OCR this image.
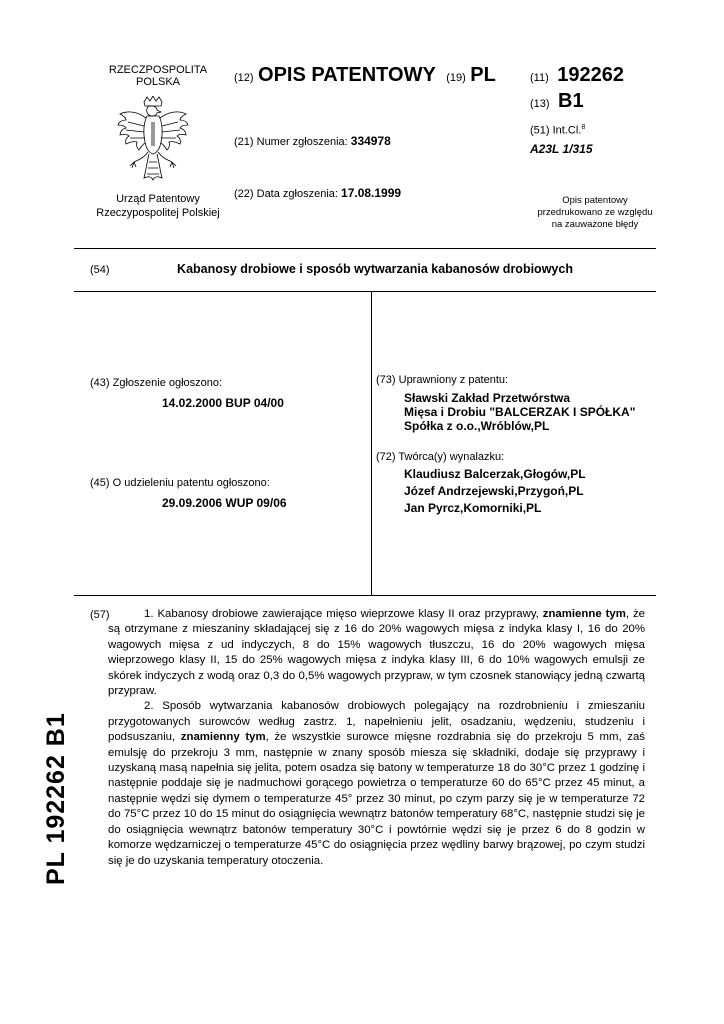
RZECZPOSPOLITA
POLSKA
Urząd Patentowy
Rzeczypospolitej Polskiej
(12) OPIS PATENTOWY (19) PL
(21) Numer zgłoszenia: 334978
(22) Data zgłoszenia: 17.08.1999
(11) 192262
(13) B1
(51) Int.Cl.$^8$
A23L 1/315
Opis patentowy
przedrukowano ze względu
na zauważone błędy
(54)	Kabanosy drobiowe i sposób wytwarzania kabanosów drobiowych
(43) Zgłoszenie ogłoszono:
14.02.2000 BUP 04/00
(45) O udzieleniu patentu ogłoszono:
29.09.2006 WUP 09/06
(73) Uprawniony z patentu:
Sławski Zakład Przetwórstwa
Mięsa i Drobiu "BALCERZAK I SPÓŁKA"
Spółka z o.o.,Wróblów,PL
(72) Twórca(y) wynalazku:
Klaudiusz Balcerzak,Głogów,PL
Józef Andrzejewski,Przygoń,PL
Jan Pyrcz,Komorniki,PL
(57)	1. Kabanosy drobiowe zawierające mięso wieprzowe klasy II oraz przyprawy, znamienne tym, że są otrzymane z mieszaniny składającej się z 16 do 20% wagowych mięsa z indyka klasy I, 16 do 20% wagowych mięsa z ud indyczych, 8 do 15% wagowych tłuszczu, 16 do 20% wagowych mięsa wieprzowego klasy II, 15 do 25% wagowych mięsa z indyka klasy III, 6 do 10% wagowych emulsji ze skórek indyczych z wodą oraz 0,3 do 0,5% wagowych przypraw, w tym czosnek stanowiący jedną czwartą przypraw.

2. Sposób wytwarzania kabanosów drobiowych polegający na rozdrobnieniu i zmieszaniu przygotowanych surowców według zastrz. 1, napełnieniu jelit, osadzaniu, wędzeniu, studzeniu i podsuszaniu, znamienny tym, że wszystkie surowce mięsne rozdrabnia się do przekroju 5 mm, zaś emulsję do przekroju 3 mm, następnie w znany sposób miesza się składniki, dodaje się przyprawy i uzyskaną masą napełnia się jelita, potem osadza się batony w temperaturze 18 do 30°C przez 1 godzinę i następnie poddaje się je nadmuchowi gorącego powietrza o temperaturze 60 do 65°C przez 45 minut, a następnie wędzi się dymem o temperaturze 45° przez 30 minut, po czym parzy się je w temperaturze 72 do 75°C przez 10 do 15 minut do osiągnięcia wewnątrz batonów temperatury 68°C, następnie studzi się je do osiągnięcia wewnątrz batonów temperatury 30°C i powtórnie wędzi się je przez 6 do 8 godzin w komorze wędzarniczej o temperaturze 45°C do osiągnięcia przez wędliny barwy brązowej, po czym studzi się je do uzyskania temperatury otoczenia.

PL 192262 B1
